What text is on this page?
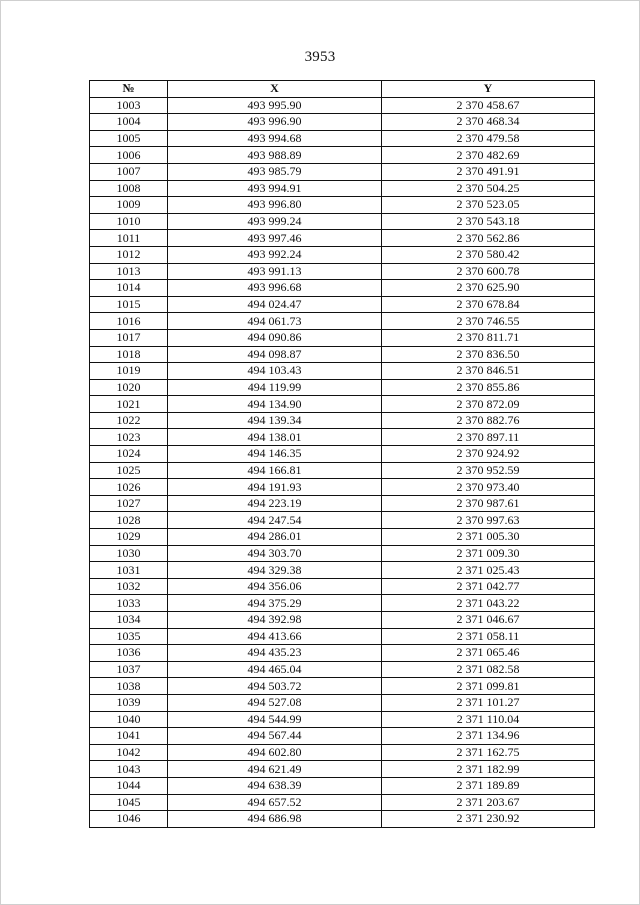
3953
№	X	Y
1003	493 995.90	2 370 458.67
1004	493 996.90	2 370 468.34
1005	493 994.68	2 370 479.58
1006	493 988.89	2 370 482.69
1007	493 985.79	2 370 491.91
1008	493 994.91	2 370 504.25
1009	493 996.80	2 370 523.05
1010	493 999.24	2 370 543.18
1011	493 997.46	2 370 562.86
1012	493 992.24	2 370 580.42
1013	493 991.13	2 370 600.78
1014	493 996.68	2 370 625.90
1015	494 024.47	2 370 678.84
1016	494 061.73	2 370 746.55
1017	494 090.86	2 370 811.71
1018	494 098.87	2 370 836.50
1019	494 103.43	2 370 846.51
1020	494 119.99	2 370 855.86
1021	494 134.90	2 370 872.09
1022	494 139.34	2 370 882.76
1023	494 138.01	2 370 897.11
1024	494 146.35	2 370 924.92
1025	494 166.81	2 370 952.59
1026	494 191.93	2 370 973.40
1027	494 223.19	2 370 987.61
1028	494 247.54	2 370 997.63
1029	494 286.01	2 371 005.30
1030	494 303.70	2 371 009.30
1031	494 329.38	2 371 025.43
1032	494 356.06	2 371 042.77
1033	494 375.29	2 371 043.22
1034	494 392.98	2 371 046.67
1035	494 413.66	2 371 058.11
1036	494 435.23	2 371 065.46
1037	494 465.04	2 371 082.58
1038	494 503.72	2 371 099.81
1039	494 527.08	2 371 101.27
1040	494 544.99	2 371 110.04
1041	494 567.44	2 371 134.96
1042	494 602.80	2 371 162.75
1043	494 621.49	2 371 182.99
1044	494 638.39	2 371 189.89
1045	494 657.52	2 371 203.67
1046	494 686.98	2 371 230.92
